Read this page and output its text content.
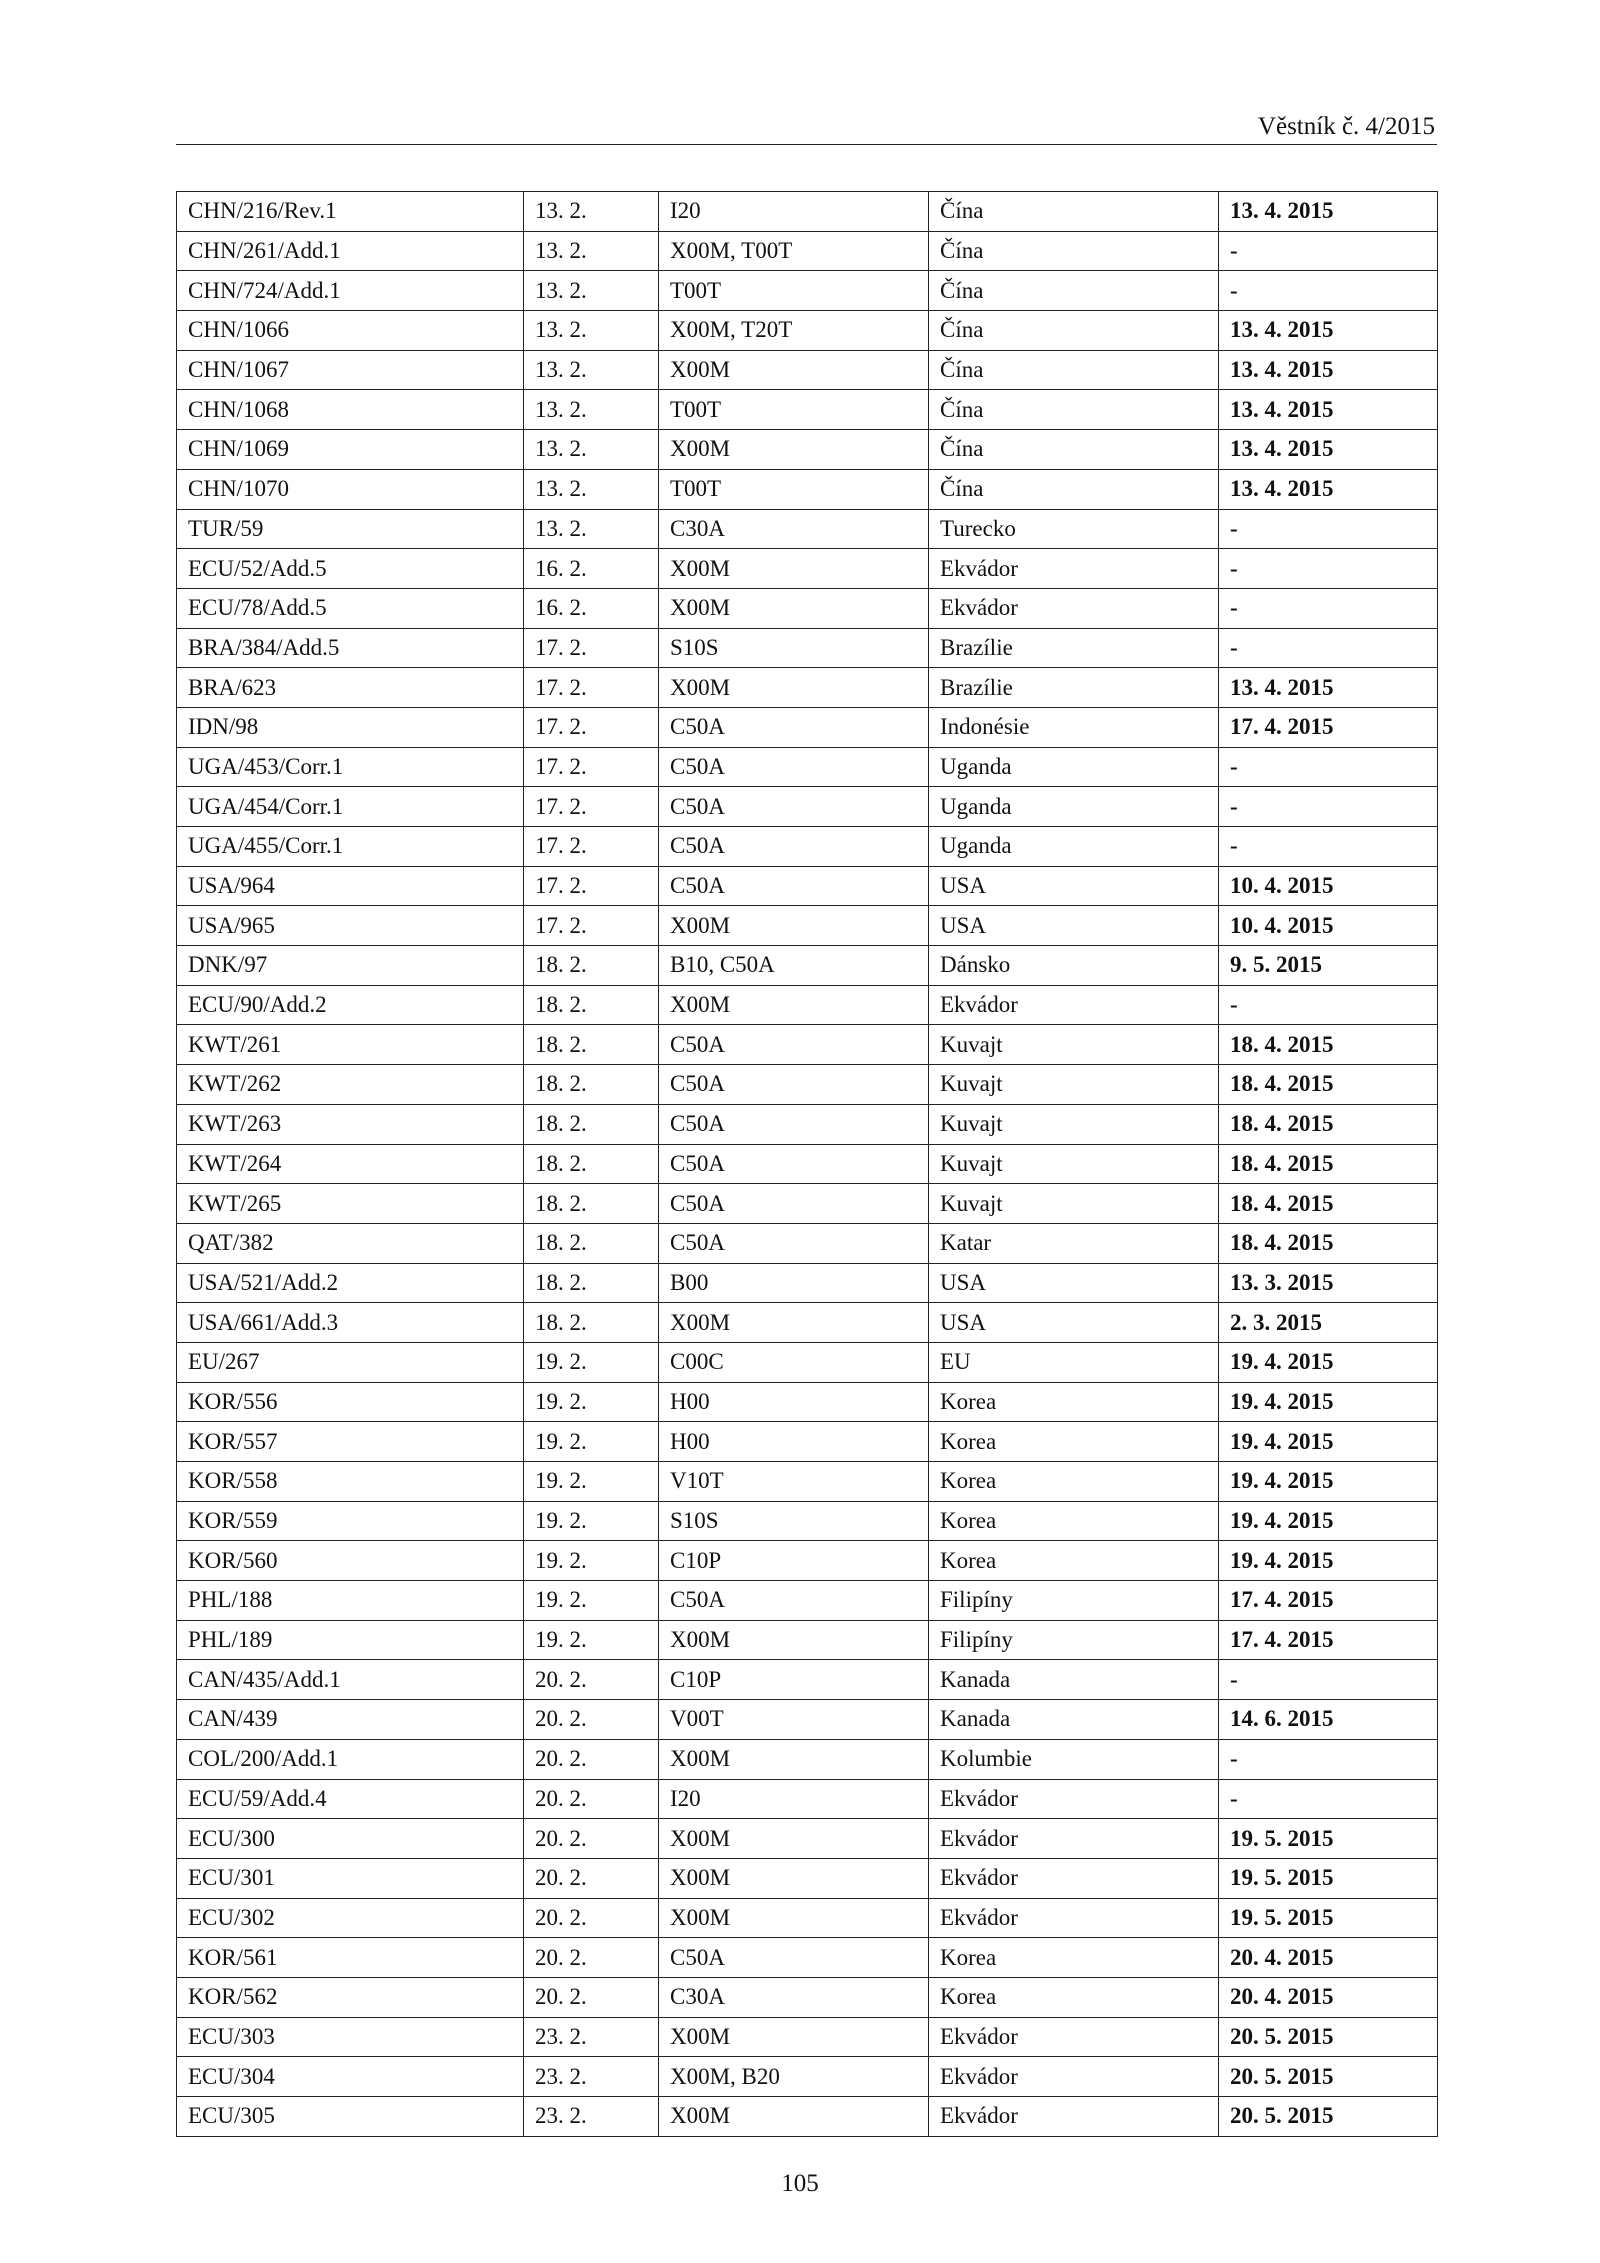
Věstník č. 4/2015
CHN/216/Rev.1	13. 2.	I20	Čína	13. 4. 2015
CHN/261/Add.1	13. 2.	X00M, T00T	Čína	-
CHN/724/Add.1	13. 2.	T00T	Čína	-
CHN/1066	13. 2.	X00M, T20T	Čína	13. 4. 2015
CHN/1067	13. 2.	X00M	Čína	13. 4. 2015
CHN/1068	13. 2.	T00T	Čína	13. 4. 2015
CHN/1069	13. 2.	X00M	Čína	13. 4. 2015
CHN/1070	13. 2.	T00T	Čína	13. 4. 2015
TUR/59	13. 2.	C30A	Turecko	-
ECU/52/Add.5	16. 2.	X00M	Ekvádor	-
ECU/78/Add.5	16. 2.	X00M	Ekvádor	-
BRA/384/Add.5	17. 2.	S10S	Brazílie	-
BRA/623	17. 2.	X00M	Brazílie	13. 4. 2015
IDN/98	17. 2.	C50A	Indonésie	17. 4. 2015
UGA/453/Corr.1	17. 2.	C50A	Uganda	-
UGA/454/Corr.1	17. 2.	C50A	Uganda	-
UGA/455/Corr.1	17. 2.	C50A	Uganda	-
USA/964	17. 2.	C50A	USA	10. 4. 2015
USA/965	17. 2.	X00M	USA	10. 4. 2015
DNK/97	18. 2.	B10, C50A	Dánsko	9. 5. 2015
ECU/90/Add.2	18. 2.	X00M	Ekvádor	-
KWT/261	18. 2.	C50A	Kuvajt	18. 4. 2015
KWT/262	18. 2.	C50A	Kuvajt	18. 4. 2015
KWT/263	18. 2.	C50A	Kuvajt	18. 4. 2015
KWT/264	18. 2.	C50A	Kuvajt	18. 4. 2015
KWT/265	18. 2.	C50A	Kuvajt	18. 4. 2015
QAT/382	18. 2.	C50A	Katar	18. 4. 2015
USA/521/Add.2	18. 2.	B00	USA	13. 3. 2015
USA/661/Add.3	18. 2.	X00M	USA	2. 3. 2015
EU/267	19. 2.	C00C	EU	19. 4. 2015
KOR/556	19. 2.	H00	Korea	19. 4. 2015
KOR/557	19. 2.	H00	Korea	19. 4. 2015
KOR/558	19. 2.	V10T	Korea	19. 4. 2015
KOR/559	19. 2.	S10S	Korea	19. 4. 2015
KOR/560	19. 2.	C10P	Korea	19. 4. 2015
PHL/188	19. 2.	C50A	Filipíny	17. 4. 2015
PHL/189	19. 2.	X00M	Filipíny	17. 4. 2015
CAN/435/Add.1	20. 2.	C10P	Kanada	-
CAN/439	20. 2.	V00T	Kanada	14. 6. 2015
COL/200/Add.1	20. 2.	X00M	Kolumbie	-
ECU/59/Add.4	20. 2.	I20	Ekvádor	-
ECU/300	20. 2.	X00M	Ekvádor	19. 5. 2015
ECU/301	20. 2.	X00M	Ekvádor	19. 5. 2015
ECU/302	20. 2.	X00M	Ekvádor	19. 5. 2015
KOR/561	20. 2.	C50A	Korea	20. 4. 2015
KOR/562	20. 2.	C30A	Korea	20. 4. 2015
ECU/303	23. 2.	X00M	Ekvádor	20. 5. 2015
ECU/304	23. 2.	X00M, B20	Ekvádor	20. 5. 2015
ECU/305	23. 2.	X00M	Ekvádor	20. 5. 2015
105
